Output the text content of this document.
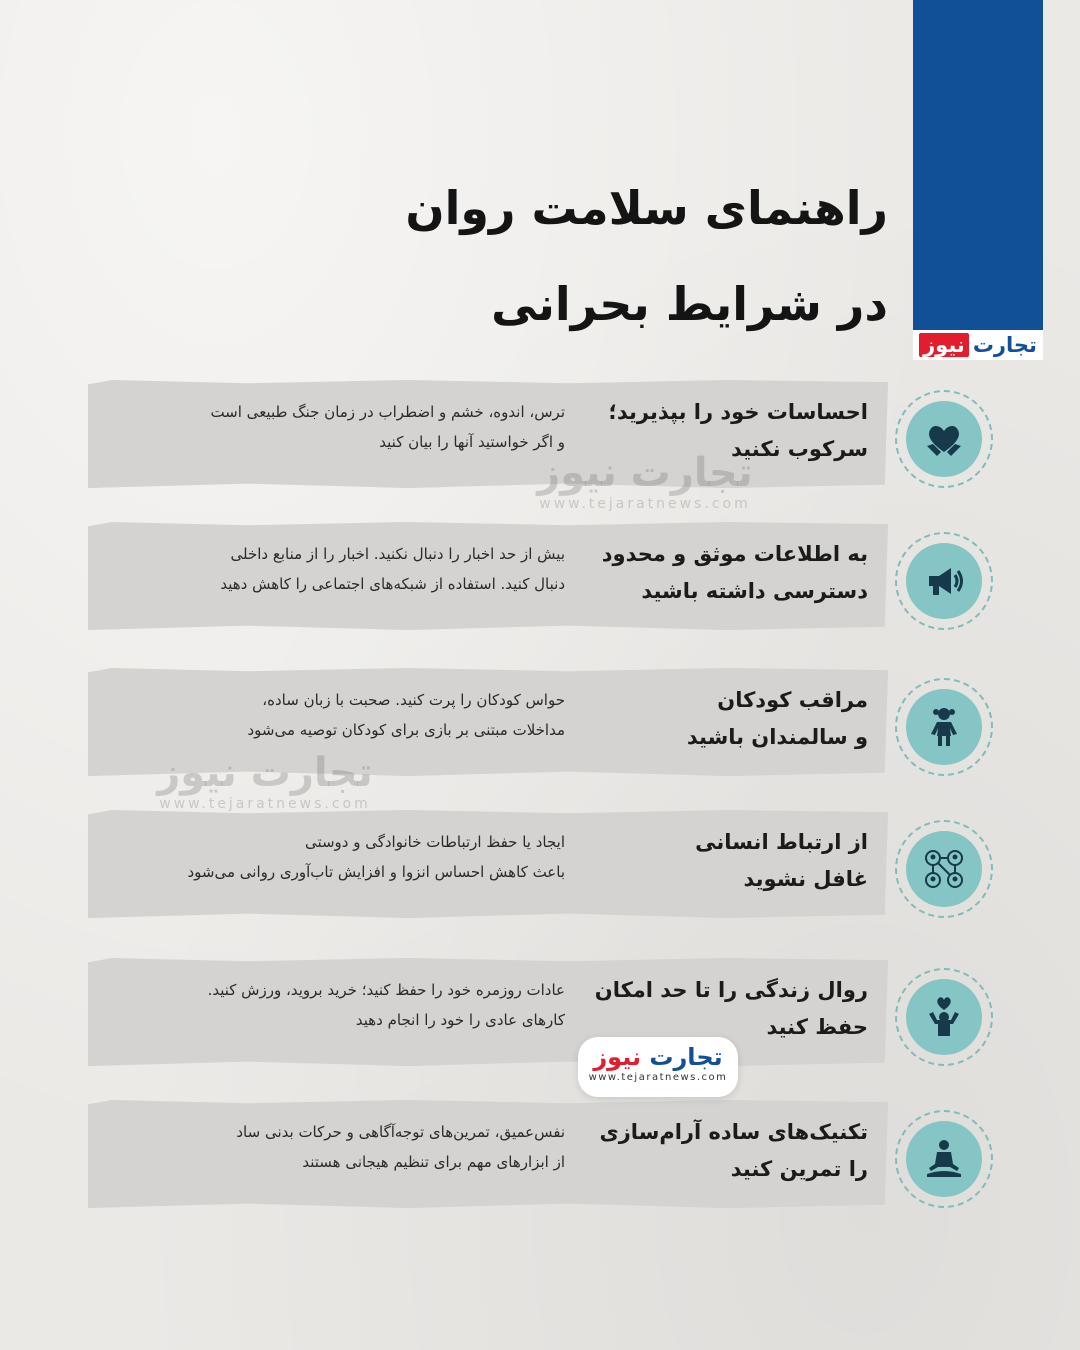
تجارت
نیوز
راهنمای سلامت روان
در شرایط بحرانی
احساسات خود را بپذیرید؛
سرکوب نکنید
ترس، اندوه، خشم و اضطراب در زمان جنگ طبیعی است
و اگر خواستید آنها را بیان کنید
به اطلاعات موثق و محدود
دسترسی داشته باشید
بیش از حد اخبار را دنبال نکنید. اخبار را از منابع داخلی
دنبال کنید. استفاده از شبکه‌های اجتماعی را کاهش دهید
مراقب کودکان
و سالمندان باشید
حواس کودکان را پرت کنید. صحبت با زبان ساده،
مداخلات مبتنی بر بازی برای کودکان توصیه می‌شود
از ارتباط انسانی
غافل نشوید
ایجاد یا حفظ ارتباطات خانوادگی و دوستی
باعث کاهش احساس انزوا و افزایش تاب‌آوری روانی می‌شود
روال زندگی را تا حد امکان
حفظ کنید
عادات روزمره خود را حفظ کنید؛ خرید بروید، ورزش کنید.
کارهای عادی را خود را انجام دهید
تکنیک‌های ساده آرام‌سازی
را تمرین کنید
نفس‌عمیق، تمرین‌های توجه‌آگاهی و حرکات بدنی ساد
از ابزارهای مهم برای تنظیم هیجانی هستند
تجارت نیوز
www.tejaratnews.com
تجارت نیوز
www.tejaratnews.com
تجارت نیوز
www.tejaratnews.com
